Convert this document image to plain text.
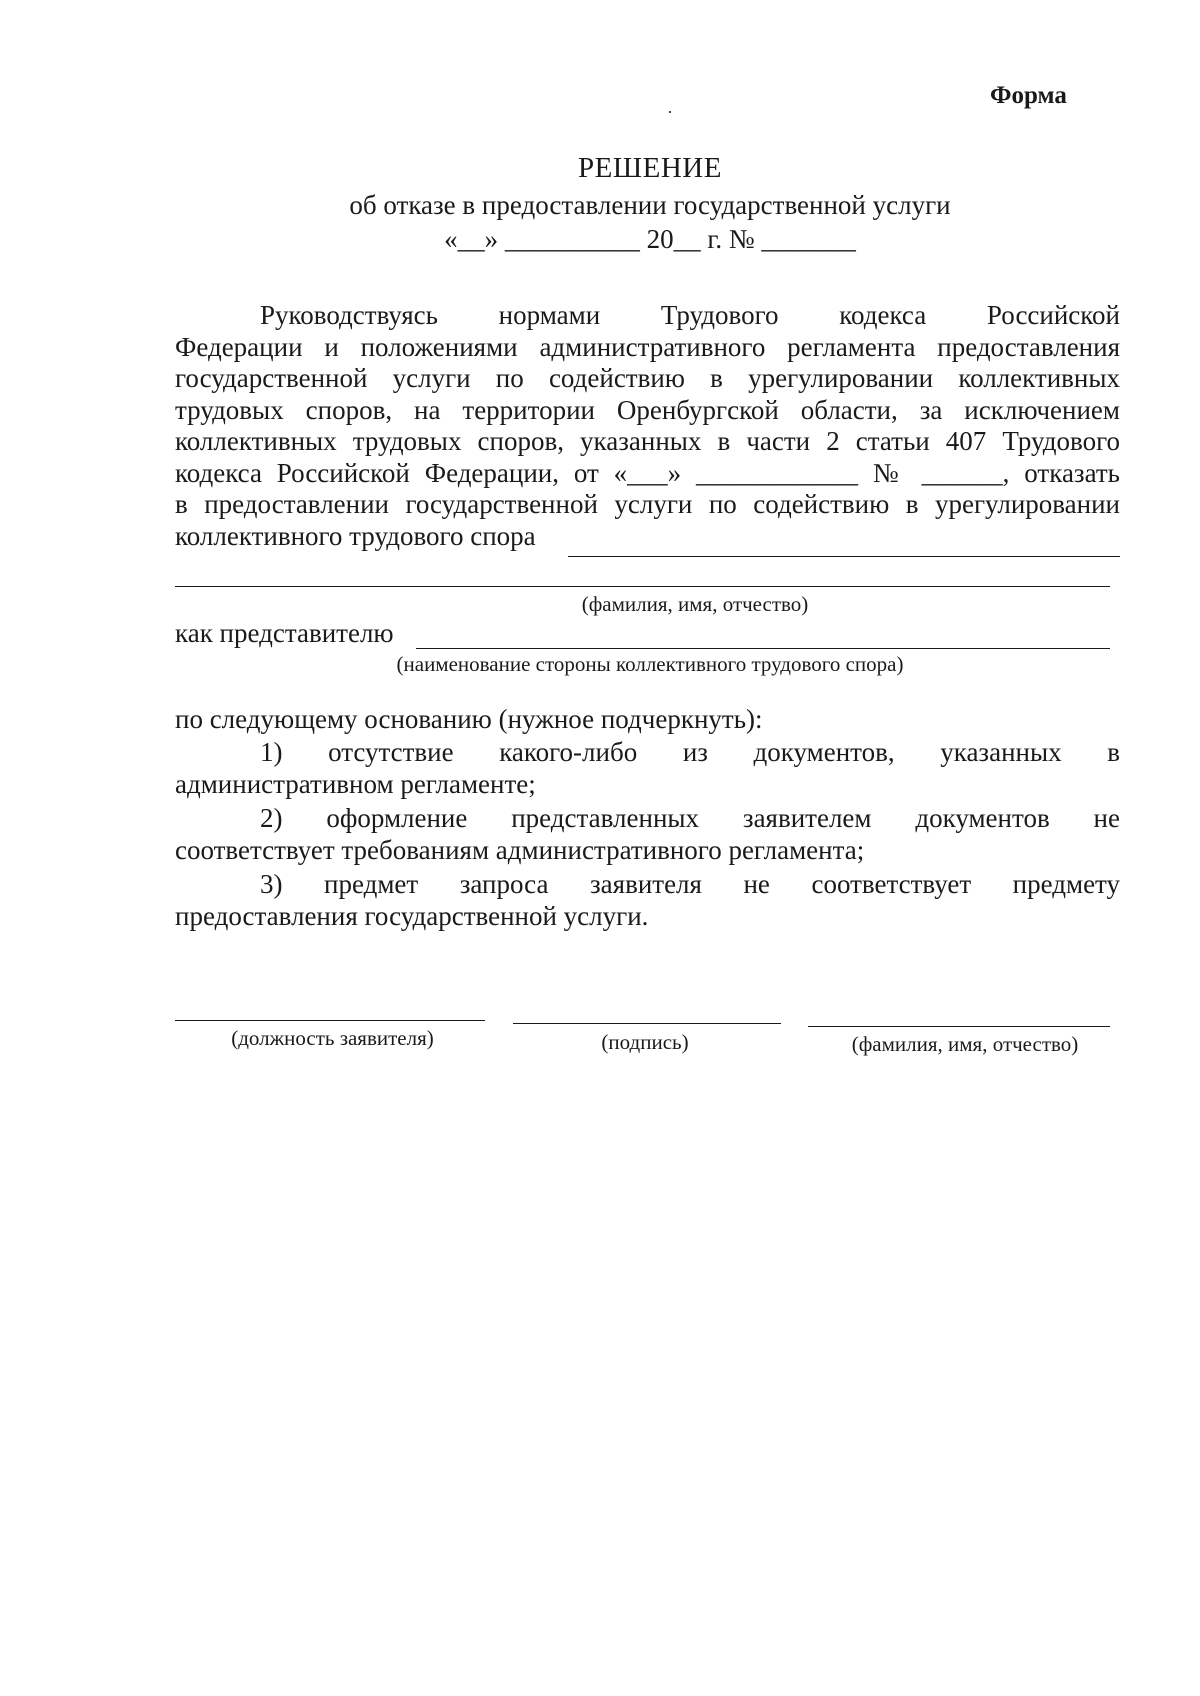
Форма
РЕШЕНИЕ
об отказе в предоставлении государственной услуги
«__» __________ 20__ г. № _______
Руководствуясь нормами Трудового кодекса Российской
Федерации и положениями административного регламента предоставления
государственной услуги по содействию в урегулировании коллективных
трудовых споров, на территории Оренбургской области, за исключением
коллективных трудовых споров, указанных в части 2 статьи 407 Трудового
кодекса Российской Федерации, от «___» ____________ № ______, отказать
в предоставлении государственной услуги по содействию в урегулировании
коллективного трудового спора
(фамилия, имя, отчество)
как представителю
(наименование стороны коллективного трудового спора)
по следующему основанию (нужное подчеркнуть):
1) отсутствие какого-либо из документов, указанных в
административном регламенте;
2) оформление представленных заявителем документов не
соответствует требованиям административного регламента;
3) предмет запроса заявителя не соответствует предмету
предоставления государственной услуги.
(должность заявителя)	(подпись)	(фамилия, имя, отчество)
